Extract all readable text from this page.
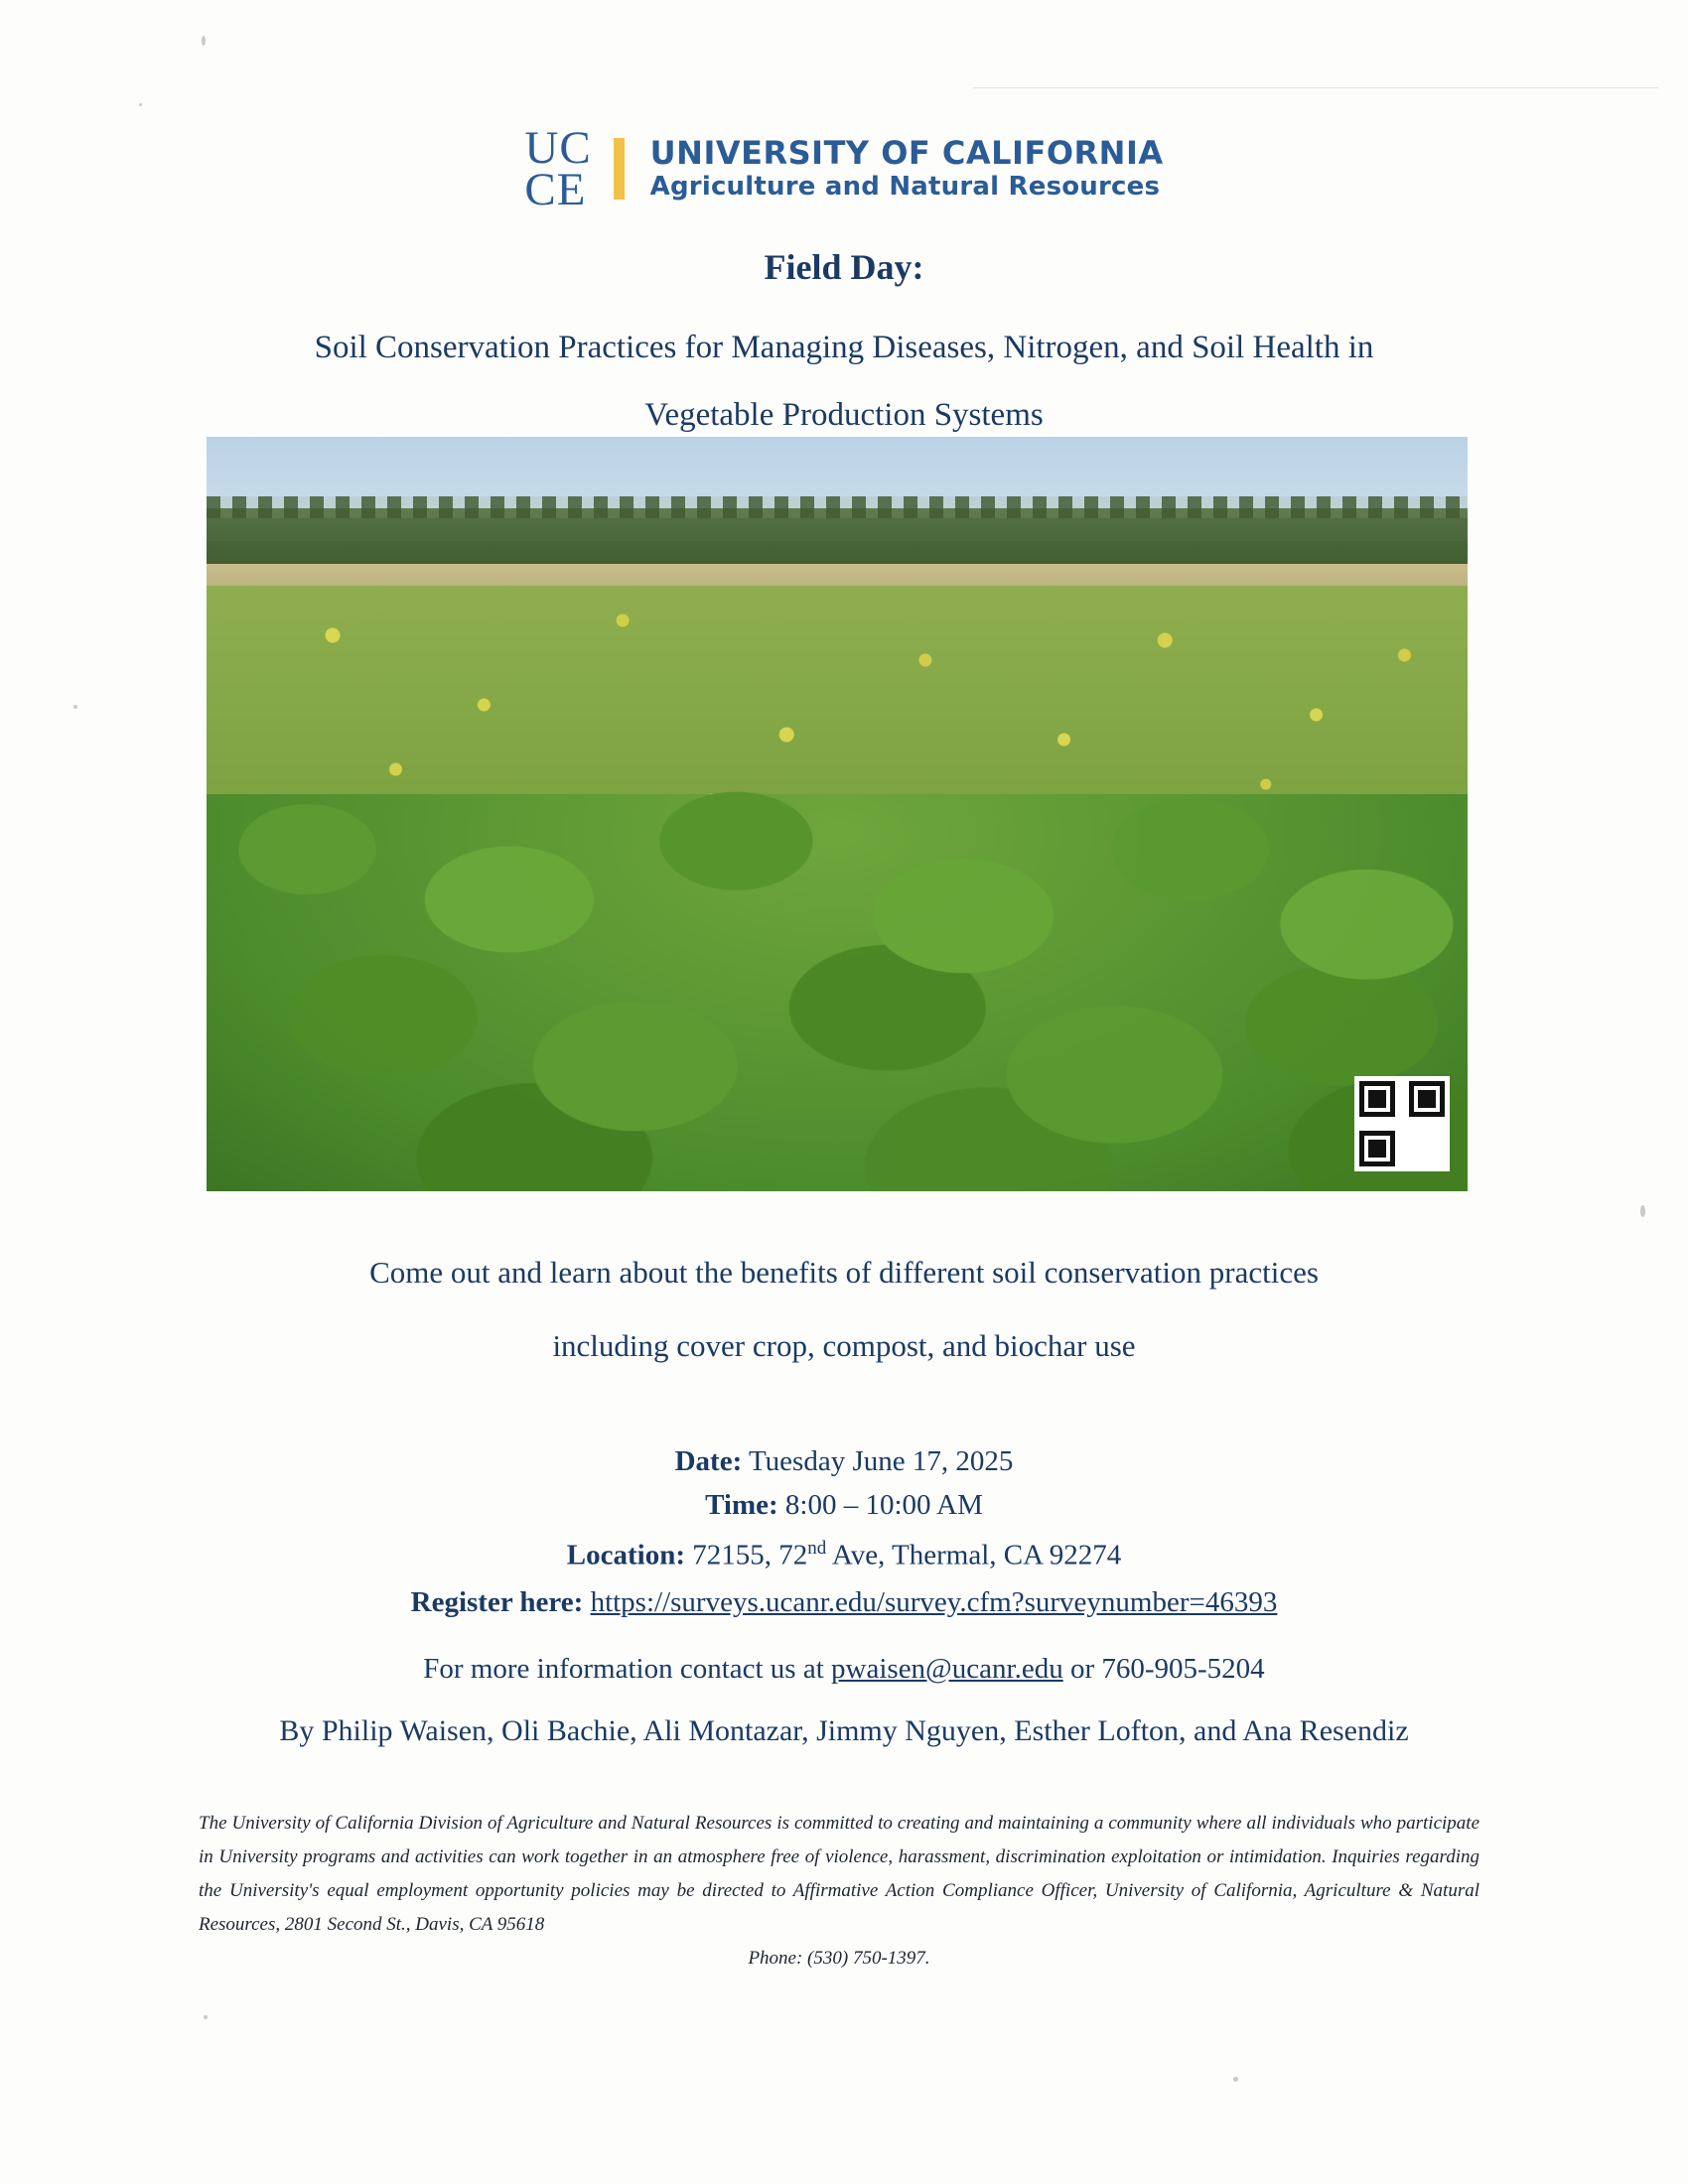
UC
CE
UNIVERSITY OF CALIFORNIA
Agriculture and Natural Resources
Field Day:
Soil Conservation Practices for Managing Diseases, Nitrogen, and Soil Health in
Vegetable Production Systems
Come out and learn about the benefits of different soil conservation practices
including cover crop, compost, and biochar use
Date: Tuesday June 17, 2025
Time: 8:00 – 10:00 AM
Location: 72155, 72nd Ave, Thermal, CA 92274
Register here: https://surveys.ucanr.edu/survey.cfm?surveynumber=46393
For more information contact us at pwaisen@ucanr.edu or 760-905-5204
By Philip Waisen, Oli Bachie, Ali Montazar, Jimmy Nguyen, Esther Lofton, and Ana Resendiz
The University of California Division of Agriculture and Natural Resources is committed to creating and maintaining a community where all individuals who participate in University programs and activities can work together in an atmosphere free of violence, harassment, discrimination exploitation or intimidation. Inquiries regarding the University's equal employment opportunity policies may be directed to Affirmative Action Compliance Officer, University of California, Agriculture & Natural Resources, 2801 Second St., Davis, CA 95618
Phone: (530) 750-1397.
